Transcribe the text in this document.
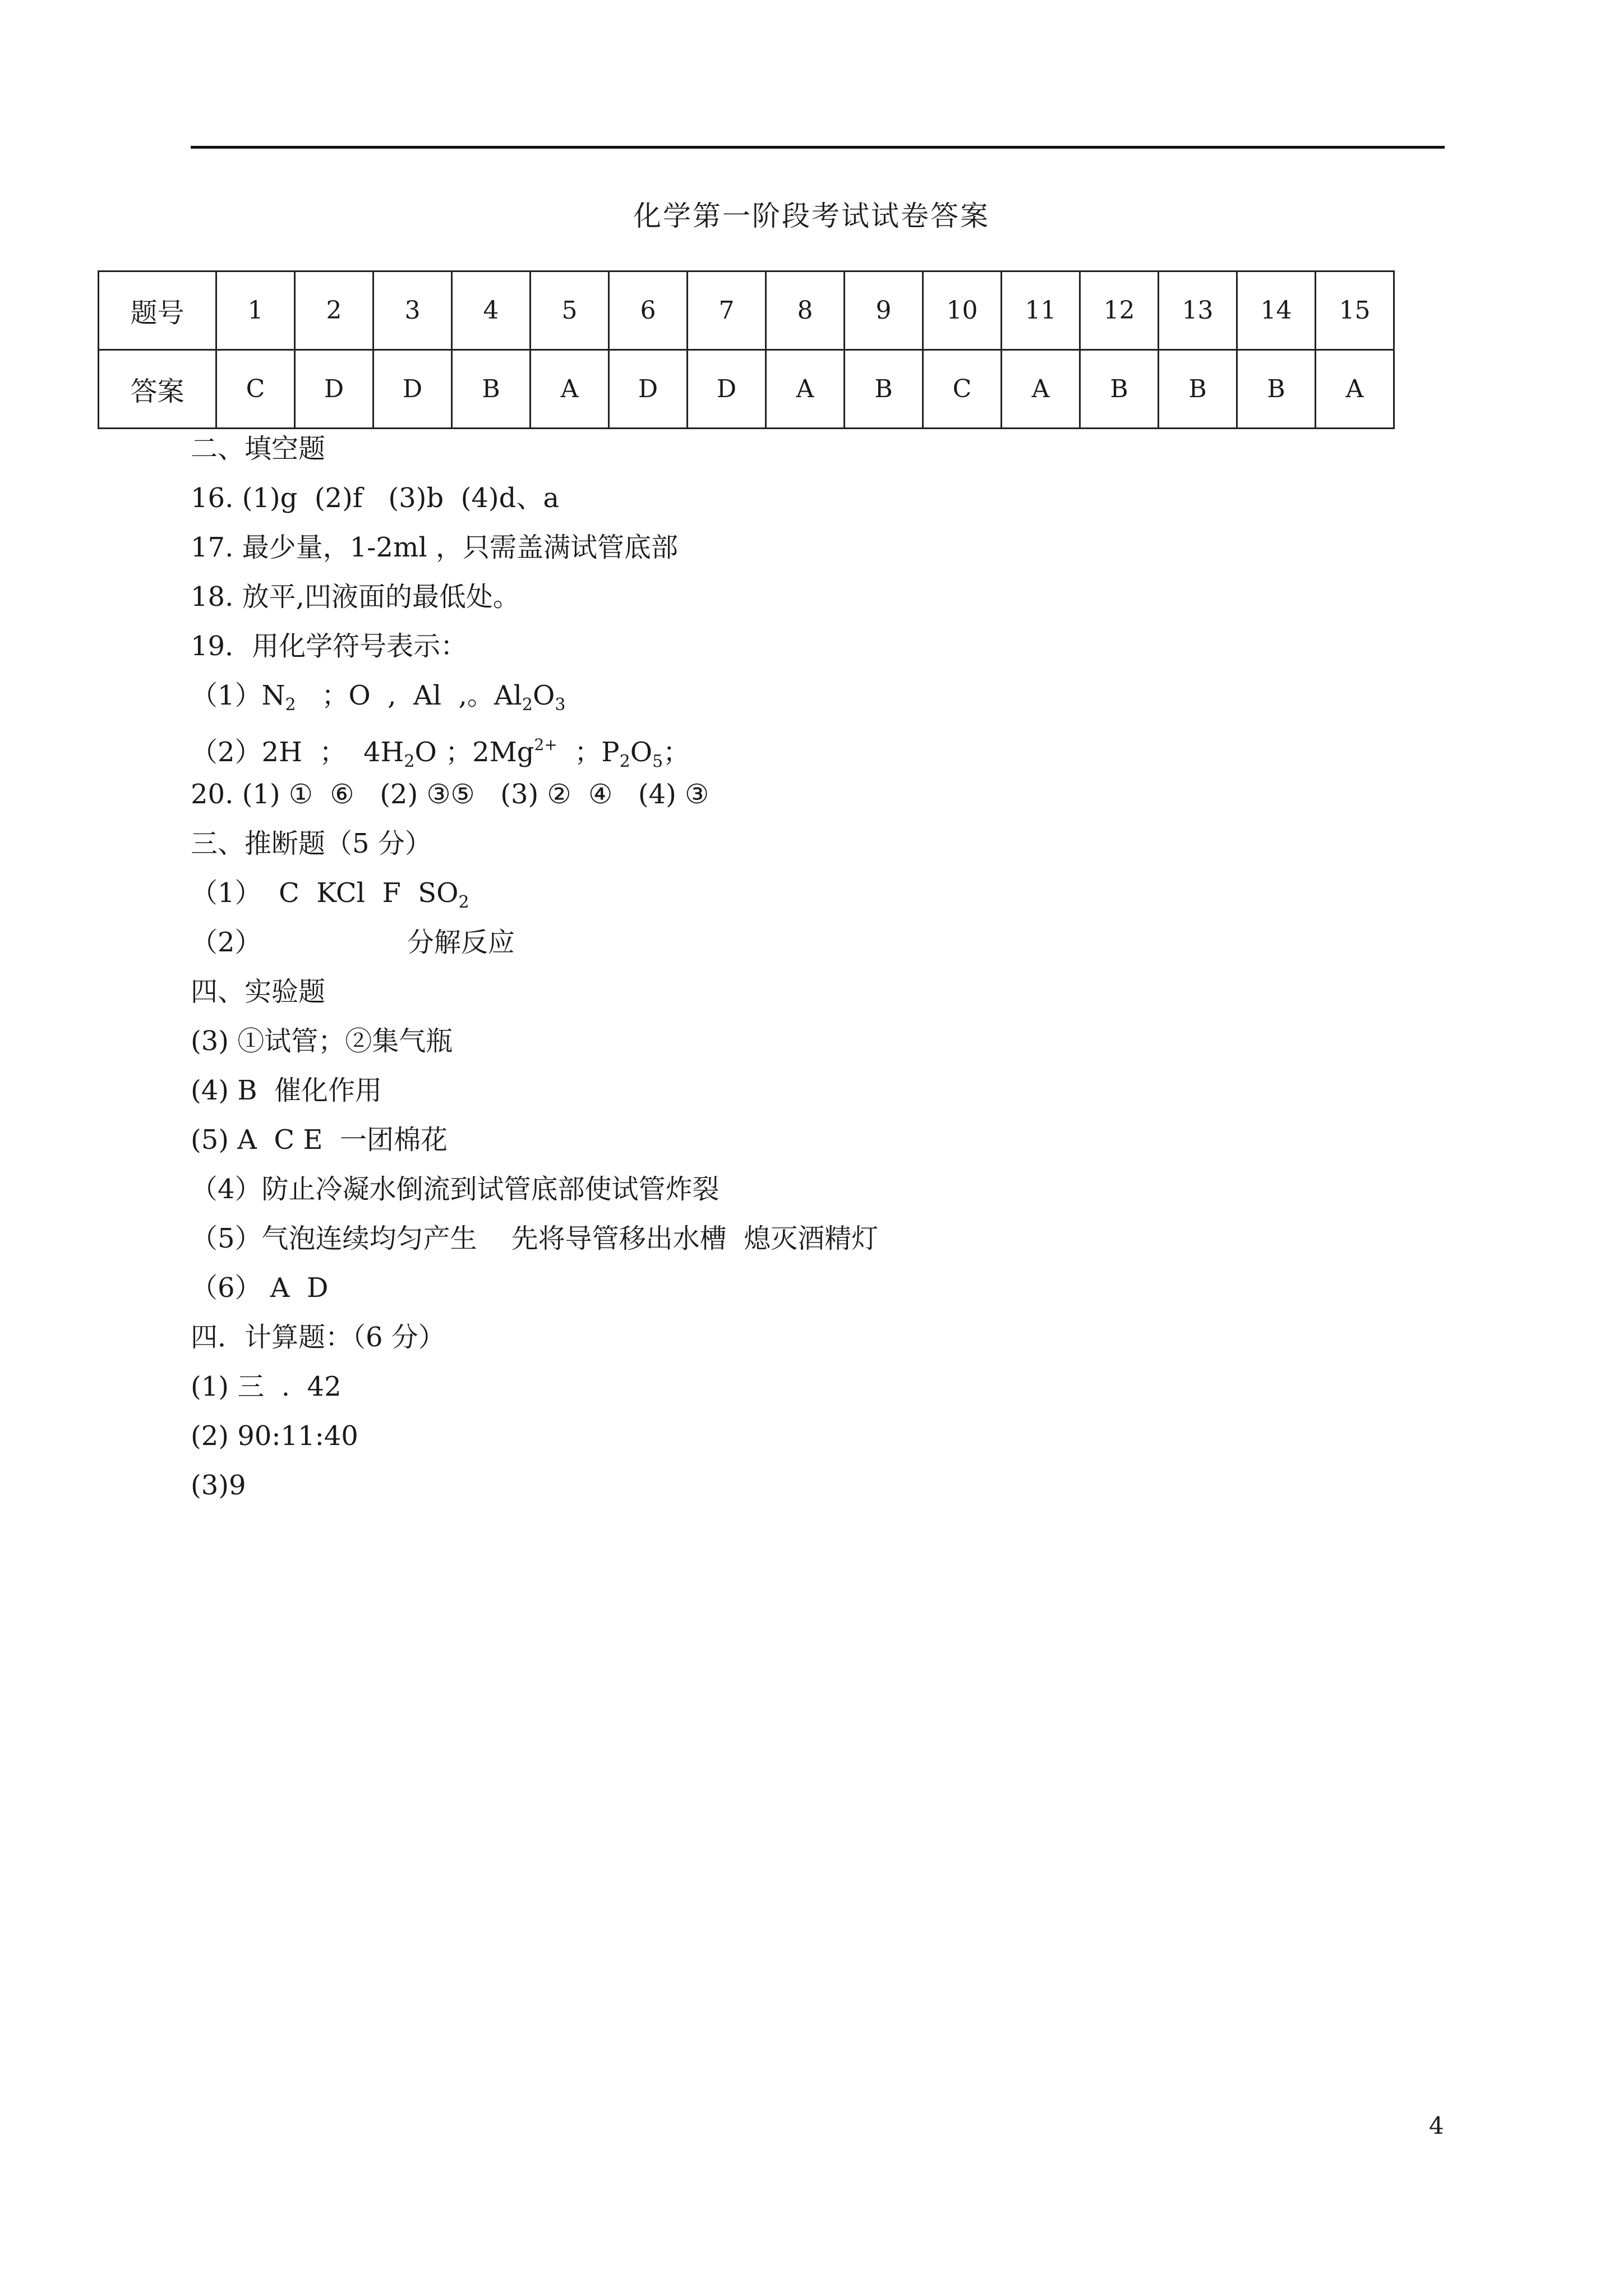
化学第一阶段考试试卷答案
题号	1	2	3	4	5	6	7	8	9	10	11	12	13	14	15
答案	C	D	D	B	A	D	D	A	B	C	A	B	B	B	A
二、填空题
16. (1)g  (2)f   (3)b  (4)d、a
17. 最少量，1-2ml ，只需盖满试管底部
18. 放平,凹液面的最低处。
19．用化学符号表示：
$(1)N_2$   ；O  ,  Al  ,。$Al_2O_3$
（2）2H  ；  $4H_2O$ ；$2Mg^{2+}$  ；$P_2O_5$；
20. (1) ①  ⑥   (2) ③⑤   (3) ②  ④   (4) ③
三、推断题（5 分）
（1）  C  KCl  F  $SO_2$
（2）                 分解反应
四、实验题
(3) ①试管；②集气瓶
(4) B  催化作用
(5) A  C E  一团棉花
（4）防止冷凝水倒流到试管底部使试管炸裂
（5）气泡连续均匀产生    先将导管移出水槽  熄灭酒精灯
（6） A  D
四．计算题：（6 分）
(1) 三  .  42
(2) 90:11:40
(3)9
4
